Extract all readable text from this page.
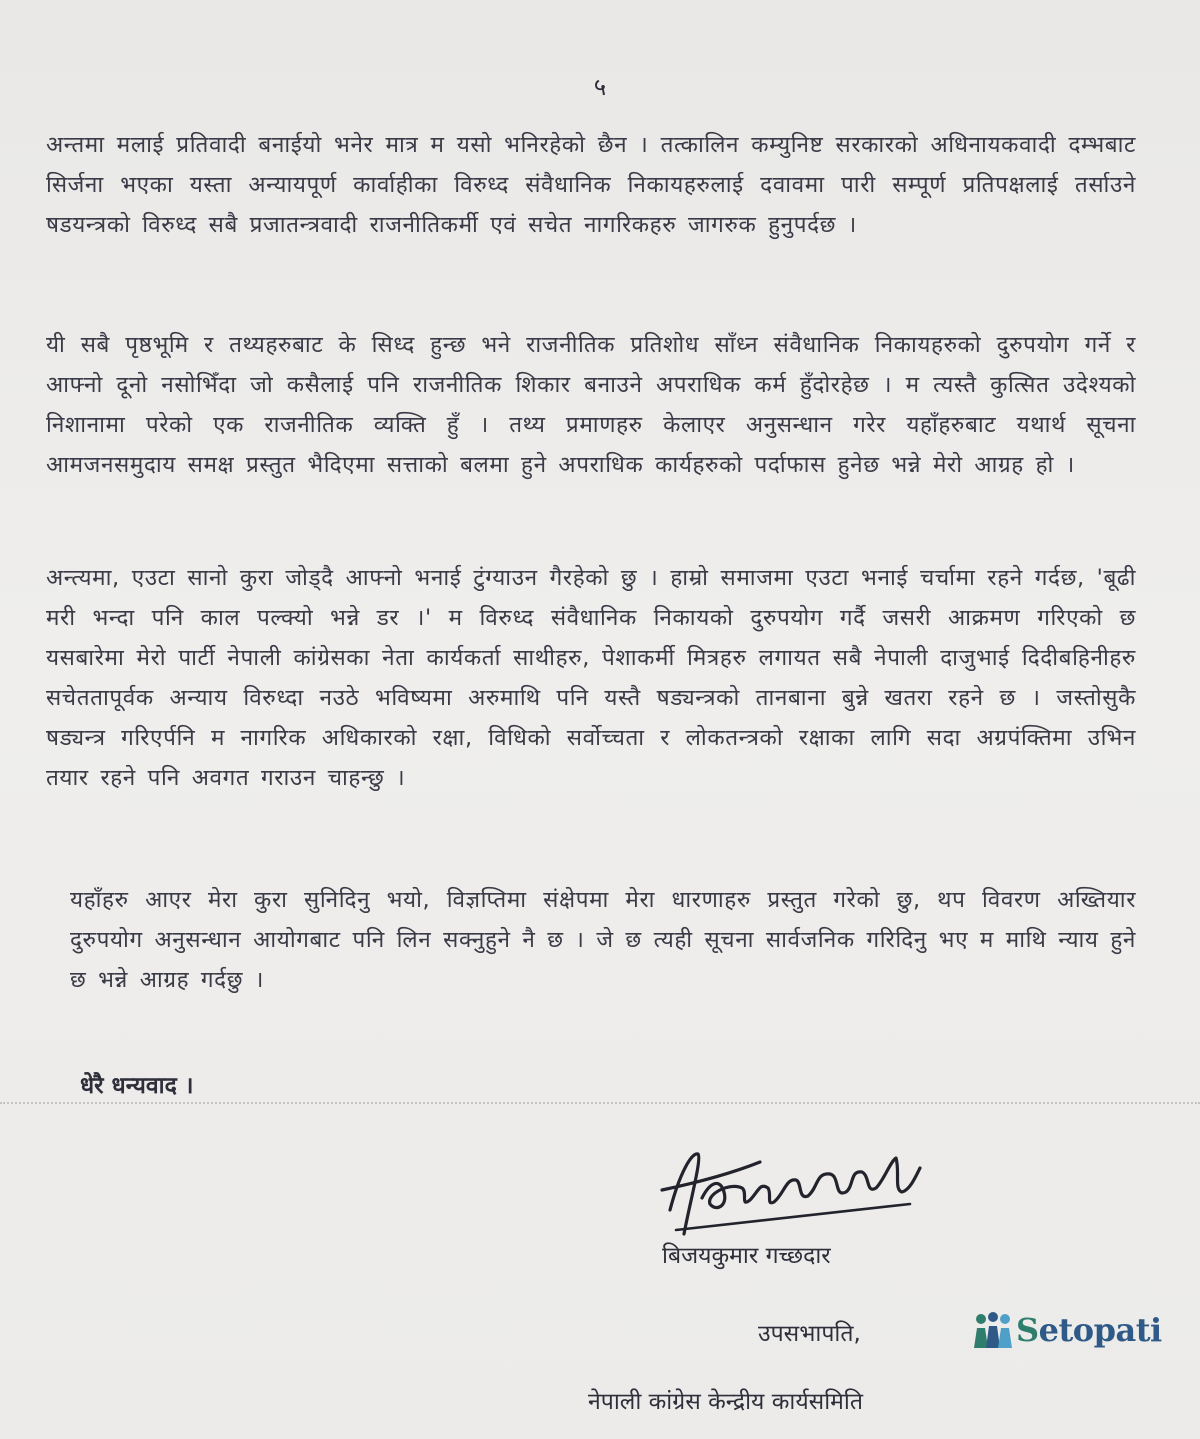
५

अन्तमा मलाई प्रतिवादी बनाईयो भनेर मात्र म यसो भनिरहेको छैन । तत्कालिन कम्युनिष्ट सरकारको अधिनायकवादी दम्भबाट सिर्जना भएका यस्ता अन्यायपूर्ण कार्वाहीका विरुध्द संवैधानिक निकायहरुलाई दवावमा पारी सम्पूर्ण प्रतिपक्षलाई तर्साउने षडयन्त्रको विरुध्द सबै प्रजातन्त्रवादी राजनीतिकर्मी एवं सचेत नागरिकहरु जागरुक हुनुपर्दछ ।

यी सबै पृष्ठभूमि र तथ्यहरुबाट के सिध्द हुन्छ भने राजनीतिक प्रतिशोध साँध्न संवैधानिक निकायहरुको दुरुपयोग गर्ने र आफ्नो दूनो नसोभिँदा जो कसैलाई पनि राजनीतिक शिकार बनाउने अपराधिक कर्म हुँदोरहेछ । म त्यस्तै कुत्सित उदेश्यको निशानामा परेको एक राजनीतिक व्यक्ति हुँ । तथ्य प्रमाणहरु केलाएर अनुसन्धान गरेर यहाँहरुबाट यथार्थ सूचना आमजनसमुदाय समक्ष प्रस्तुत भैदिएमा सत्ताको बलमा हुने अपराधिक कार्यहरुको पर्दाफास हुनेछ भन्ने मेरो आग्रह हो ।

अन्त्यमा, एउटा सानो कुरा जोड्दै आफ्नो भनाई टुंग्याउन गैरहेको छु । हाम्रो समाजमा एउटा भनाई चर्चामा रहने गर्दछ, 'बूढी मरी भन्दा पनि काल पल्क्यो भन्ने डर ।' म विरुध्द संवैधानिक निकायको दुरुपयोग गर्दै जसरी आक्रमण गरिएको छ यसबारेमा मेरो पार्टी नेपाली कांग्रेसका नेता कार्यकर्ता साथीहरु, पेशाकर्मी मित्रहरु लगायत सबै नेपाली दाजुभाई दिदीबहिनीहरु सचेततापूर्वक अन्याय विरुध्दा नउठे भविष्यमा अरुमाथि पनि यस्तै षड्यन्त्रको तानबाना बुन्ने खतरा रहने छ । जस्तोसुकै षड्यन्त्र गरिएर्पनि म नागरिक अधिकारको रक्षा, विधिको सर्वोच्चता र लोकतन्त्रको रक्षाका लागि सदा अग्रपंक्तिमा उभिन तयार रहने पनि अवगत गराउन चाहन्छु ।

यहाँहरु आएर मेरा कुरा सुनिदिनु भयो, विज्ञप्तिमा संक्षेपमा मेरा धारणाहरु प्रस्तुत गरेको छु, थप विवरण अख्तियार दुरुपयोग अनुसन्धान आयोगबाट पनि लिन सक्नुहुने नै छ । जे छ त्यही सूचना सार्वजनिक गरिदिनु भए म माथि न्याय हुने छ भन्ने आग्रह गर्दछु ।

धेरै धन्यवाद ।
बिजयकुमार गच्छदार
उपसभापति,
नेपाली कांग्रेस केन्द्रीय कार्यसमिति
Setopati
